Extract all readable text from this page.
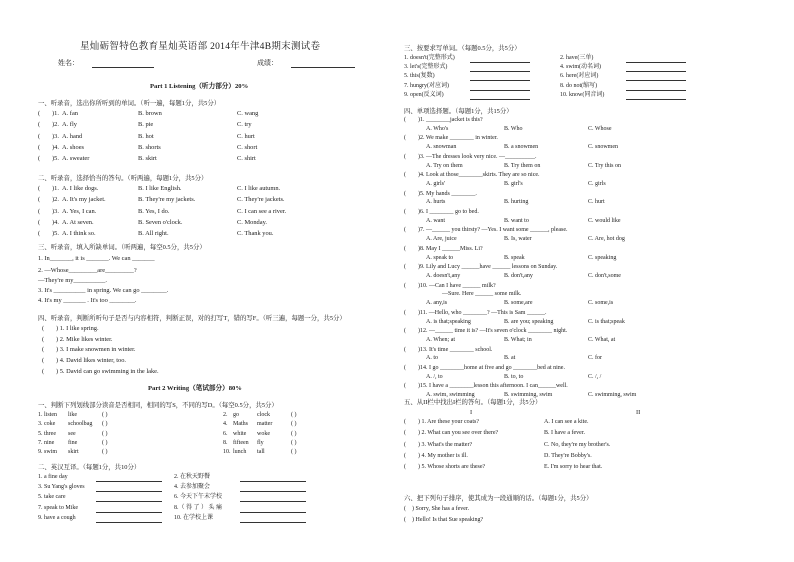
星灿砺智特色教育星灿英语部 2014年牛津4B期末测试卷
姓名：	成绩：
Part 1 Listening（听力部分）20%
一、听录音，选出你所听到的单词。（听一遍，每题1分，共5分）
( )1. A. fan	B. brown	C. wang
( )2. A. fly	B. pie	C. try
( )3. A. hand	B. hot	C. hurt
( )4. A. shoes	B. shorts	C. short
( )5. A. sweater	B. skirt	C. shirt
二、听录音，选择恰当的答句。（听两遍，每题1分，共5分）
( )1. A. I like dogs.	B. I like English.	C. I like autumn.
( )2. A. It's my jacket.	B. They're my jackets.	C. They're jackets.
( )3. A. Yes, I can.	B. Yes, I do.	C. I can see a river.
( )4. A. At seven.	B. Seven o'clock.	C. Monday.
( )5. A. I think so.	B. All right.	C. Thank you.
三、听录音，填入所缺单词。（听两遍，每空0.5分，共5分）
1. In_______, it is _______. We can _______
2. —Whose_________are_________?
—They're my__________.
3. It's __________ in spring. We can go ________.
4. It's my _______ . It's too ________.
四、听录音，判断所听句子是否与内容相符，判断正误，对的打写T，错的写F。（听三遍，每题一分，共5分）
( ) 1. I like spring.
( ) 2. Mike likes winter.
( ) 3. I make snowmen in winter.
( ) 4. David likes winter, too.
( ) 5. David can go swimming in the lake.
Part 2 Writing（笔试部分）80%
一、判断下列划线部分读音是否相同，相同的写S，不同的写D。（每空0.5分，共5分）
1. listen like	( )
3. coke schoolbag ( )
5. three see	( )
7. nine fine	( )
9. swim skirt	( )
2. go	clock	( )
4. Maths matter	( )
6. white woke	( )
8. fifteen fly	( )
10. lunch tall	( )
二、英汉互译。（每题1分，共10分）
1. a fine day
3. Su Yang's gloves
5. take care
7. speak to Mike
9. have a cough
2. 在秋天野餐
4. 去参加聚会
6. 今天下午末学校
8.（ 得 了 ） 头 痛
10. 在学校上课
三、按要求写单词。（每题0.5分，共5分）
1. doesn't(完整形式)
3. let's(完整形式)
5. this(复数)
7. hungry(对应词)
9. open(反义词)
2. have(三单)
4. swim(动名词)
6. here(对应词)
8. do not(缩写)
10. know(同音词)
四、单项选择题。（每题1分，共15分）
( )1. ________jacket is this?
A. Who's	B. Who	C. Whose
( )2. We make ________ in winter.
A. snowman	B. a snowmen	C. snowmen
( )3. —The dresses look very nice. —__________.
A. Try on them	B. Try them on	C. Try this on
( )4. Look at those________skirts. They are so nice.
A. girls'	B. girl's	C. girls
( )5. My hands ________.
A. hurts	B. hurting	C. hurt
( )6. I ________ go to bed.
A. want	B. want to	C. would like
( )7. —______ you thirsty? —Yes. I want some ______, please.
A. Are, juice	B. Is, water	C. Are, hot dog
( )8. May I ______Miss. Li?
A. speak to	B. speak	C. speaking
( )9. Lily and Lucy ______have ______ lessons on Sunday.
A. doesn't,any	B. don't,any	C. don't,some
( )10. —Can I have ______ milk?
—Sure. Here ______ some milk.
A. any,is	B. some,are	C. some,is
( )11. —Hello, who ________? —This is Sam ______.
A. is that;speaking	B. are you; speaking	C. is that;speak
( )12. —______ time it is? —It's seven o'clock ________ night.
A. When; at	B. What; in	C. What, at
( )13. It's time ________ school.
A. to	B. at	C. for
( )14. I go ________home at five and go ________bed at nine.
A. /, to	B. to, to	C. /, /
( )15. I have a ________lesson this afternoon. I can______well.
A. swim, swimming	B. swimming, swim	C. swimming, swim
五、从II栏中找出I栏的答句。（每题1分，共5分）
I	II
( ) 1. Are these your coats?	A. I can see a kite.
( ) 2. What can you see over there?	B. I have a fever.
( ) 3. What's the matter?	C. No, they're my brother's.
( ) 4. My mother is ill.	D. They're Bobby's.
( ) 5. Whose shorts are these?	E. I'm sorry to hear that.
六、把下列句子排序，使其成为一段通顺的话。（每题1分，共5分）
( ) Sorry, She has a fever.
( ) Hello! Is that Sue speaking?
